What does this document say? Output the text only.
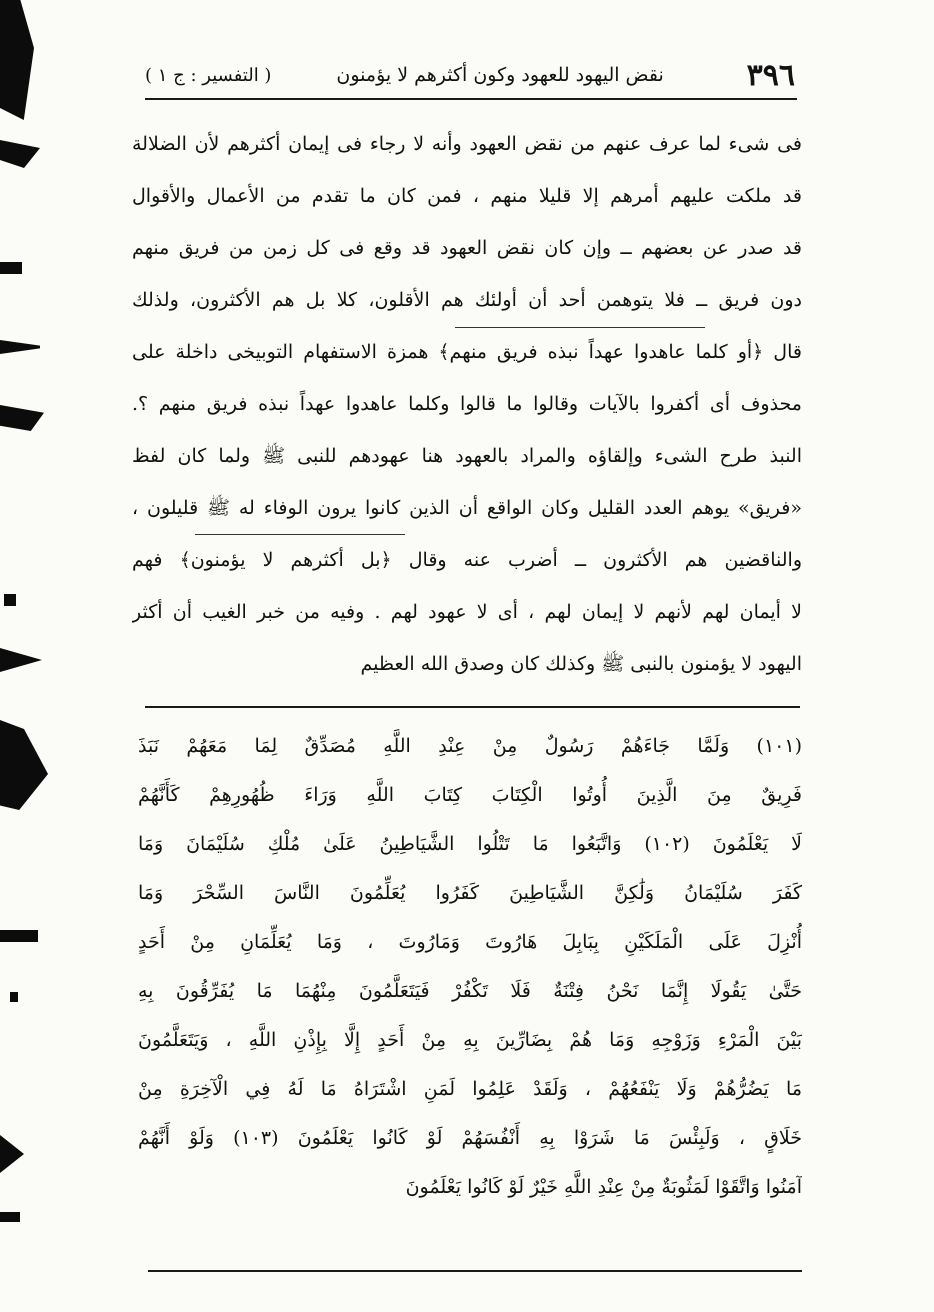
٣٩٦
نقض اليهود للعهود وكون أكثرهم لا يؤمنون
( التفسير : ج ١ )
فى شىء لما عرف عنهم من نقض العهود وأنه لا رجاء فى إيمان أكثرهم لأن الضلالة
قد ملكت عليهم أمرهم إلا قليلا منهم ، فمن كان ما تقدم من الأعمال والأقوال
قد صدر عن بعضهم ــ وإن كان نقض العهود قد وقع فى كل زمن من فريق منهم
دون فريق ــ فلا يتوهمن أحد أن أولئك هم الأقلون، كلا بل هم الأكثرون، ولذلك
قال ﴿أو كلما عاهدوا عهداً نبذه فريق منهم﴾ همزة الاستفهام التوبيخى داخلة على
محذوف أى أكفروا بالآيات وقالوا ما قالوا وكلما عاهدوا عهداً نبذه فريق منهم ؟.
النبذ طرح الشىء وإلقاؤه والمراد بالعهود هنا عهودهم للنبى ﷺ ولما كان لفظ
«فريق» يوهم العدد القليل وكان الواقع أن الذين كانوا يرون الوفاء له ﷺ قليلون ،
والناقضين هم الأكثرون ــ أضرب عنه وقال ﴿بل أكثرهم لا يؤمنون﴾ فهم
لا أيمان لهم لأنهم لا إيمان لهم ، أى لا عهود لهم . وفيه من خبر الغيب أن أكثر
اليهود لا يؤمنون بالنبى ﷺ وكذلك كان وصدق الله العظيم
(١٠١) وَلَمَّا جَاءَهُمْ رَسُولٌ مِنْ عِنْدِ اللَّهِ مُصَدِّقٌ لِمَا مَعَهُمْ نَبَذَ
فَرِيقٌ مِنَ الَّذِينَ أُوتُوا الْكِتَابَ كِتَابَ اللَّهِ وَرَاءَ ظُهُورِهِمْ كَأَنَّهُمْ
لَا يَعْلَمُونَ (١٠٢) وَاتَّبَعُوا مَا تَتْلُوا الشَّيَاطِينُ عَلَىٰ مُلْكِ سُلَيْمَانَ وَمَا
كَفَرَ سُلَيْمَانُ وَلَٰكِنَّ الشَّيَاطِينَ كَفَرُوا يُعَلِّمُونَ النَّاسَ السِّحْرَ وَمَا
أُنْزِلَ عَلَى الْمَلَكَيْنِ بِبَابِلَ هَارُوتَ وَمَارُوتَ ، وَمَا يُعَلِّمَانِ مِنْ أَحَدٍ
حَتَّىٰ يَقُولَا إِنَّمَا نَحْنُ فِتْنَةٌ فَلَا تَكْفُرْ فَيَتَعَلَّمُونَ مِنْهُمَا مَا يُفَرِّقُونَ بِهِ
بَيْنَ الْمَرْءِ وَزَوْجِهِ وَمَا هُمْ بِضَارِّينَ بِهِ مِنْ أَحَدٍ إِلَّا بِإِذْنِ اللَّهِ ، وَيَتَعَلَّمُونَ
مَا يَضُرُّهُمْ وَلَا يَنْفَعُهُمْ ، وَلَقَدْ عَلِمُوا لَمَنِ اشْتَرَاهُ مَا لَهُ فِي الْآخِرَةِ مِنْ
خَلَاقٍ ، وَلَبِئْسَ مَا شَرَوْا بِهِ أَنْفُسَهُمْ لَوْ كَانُوا يَعْلَمُونَ (١٠٣) وَلَوْ أَنَّهُمْ
آمَنُوا وَاتَّقَوْا لَمَثُوبَةٌ مِنْ عِنْدِ اللَّهِ خَيْرٌ لَوْ كَانُوا يَعْلَمُونَ
